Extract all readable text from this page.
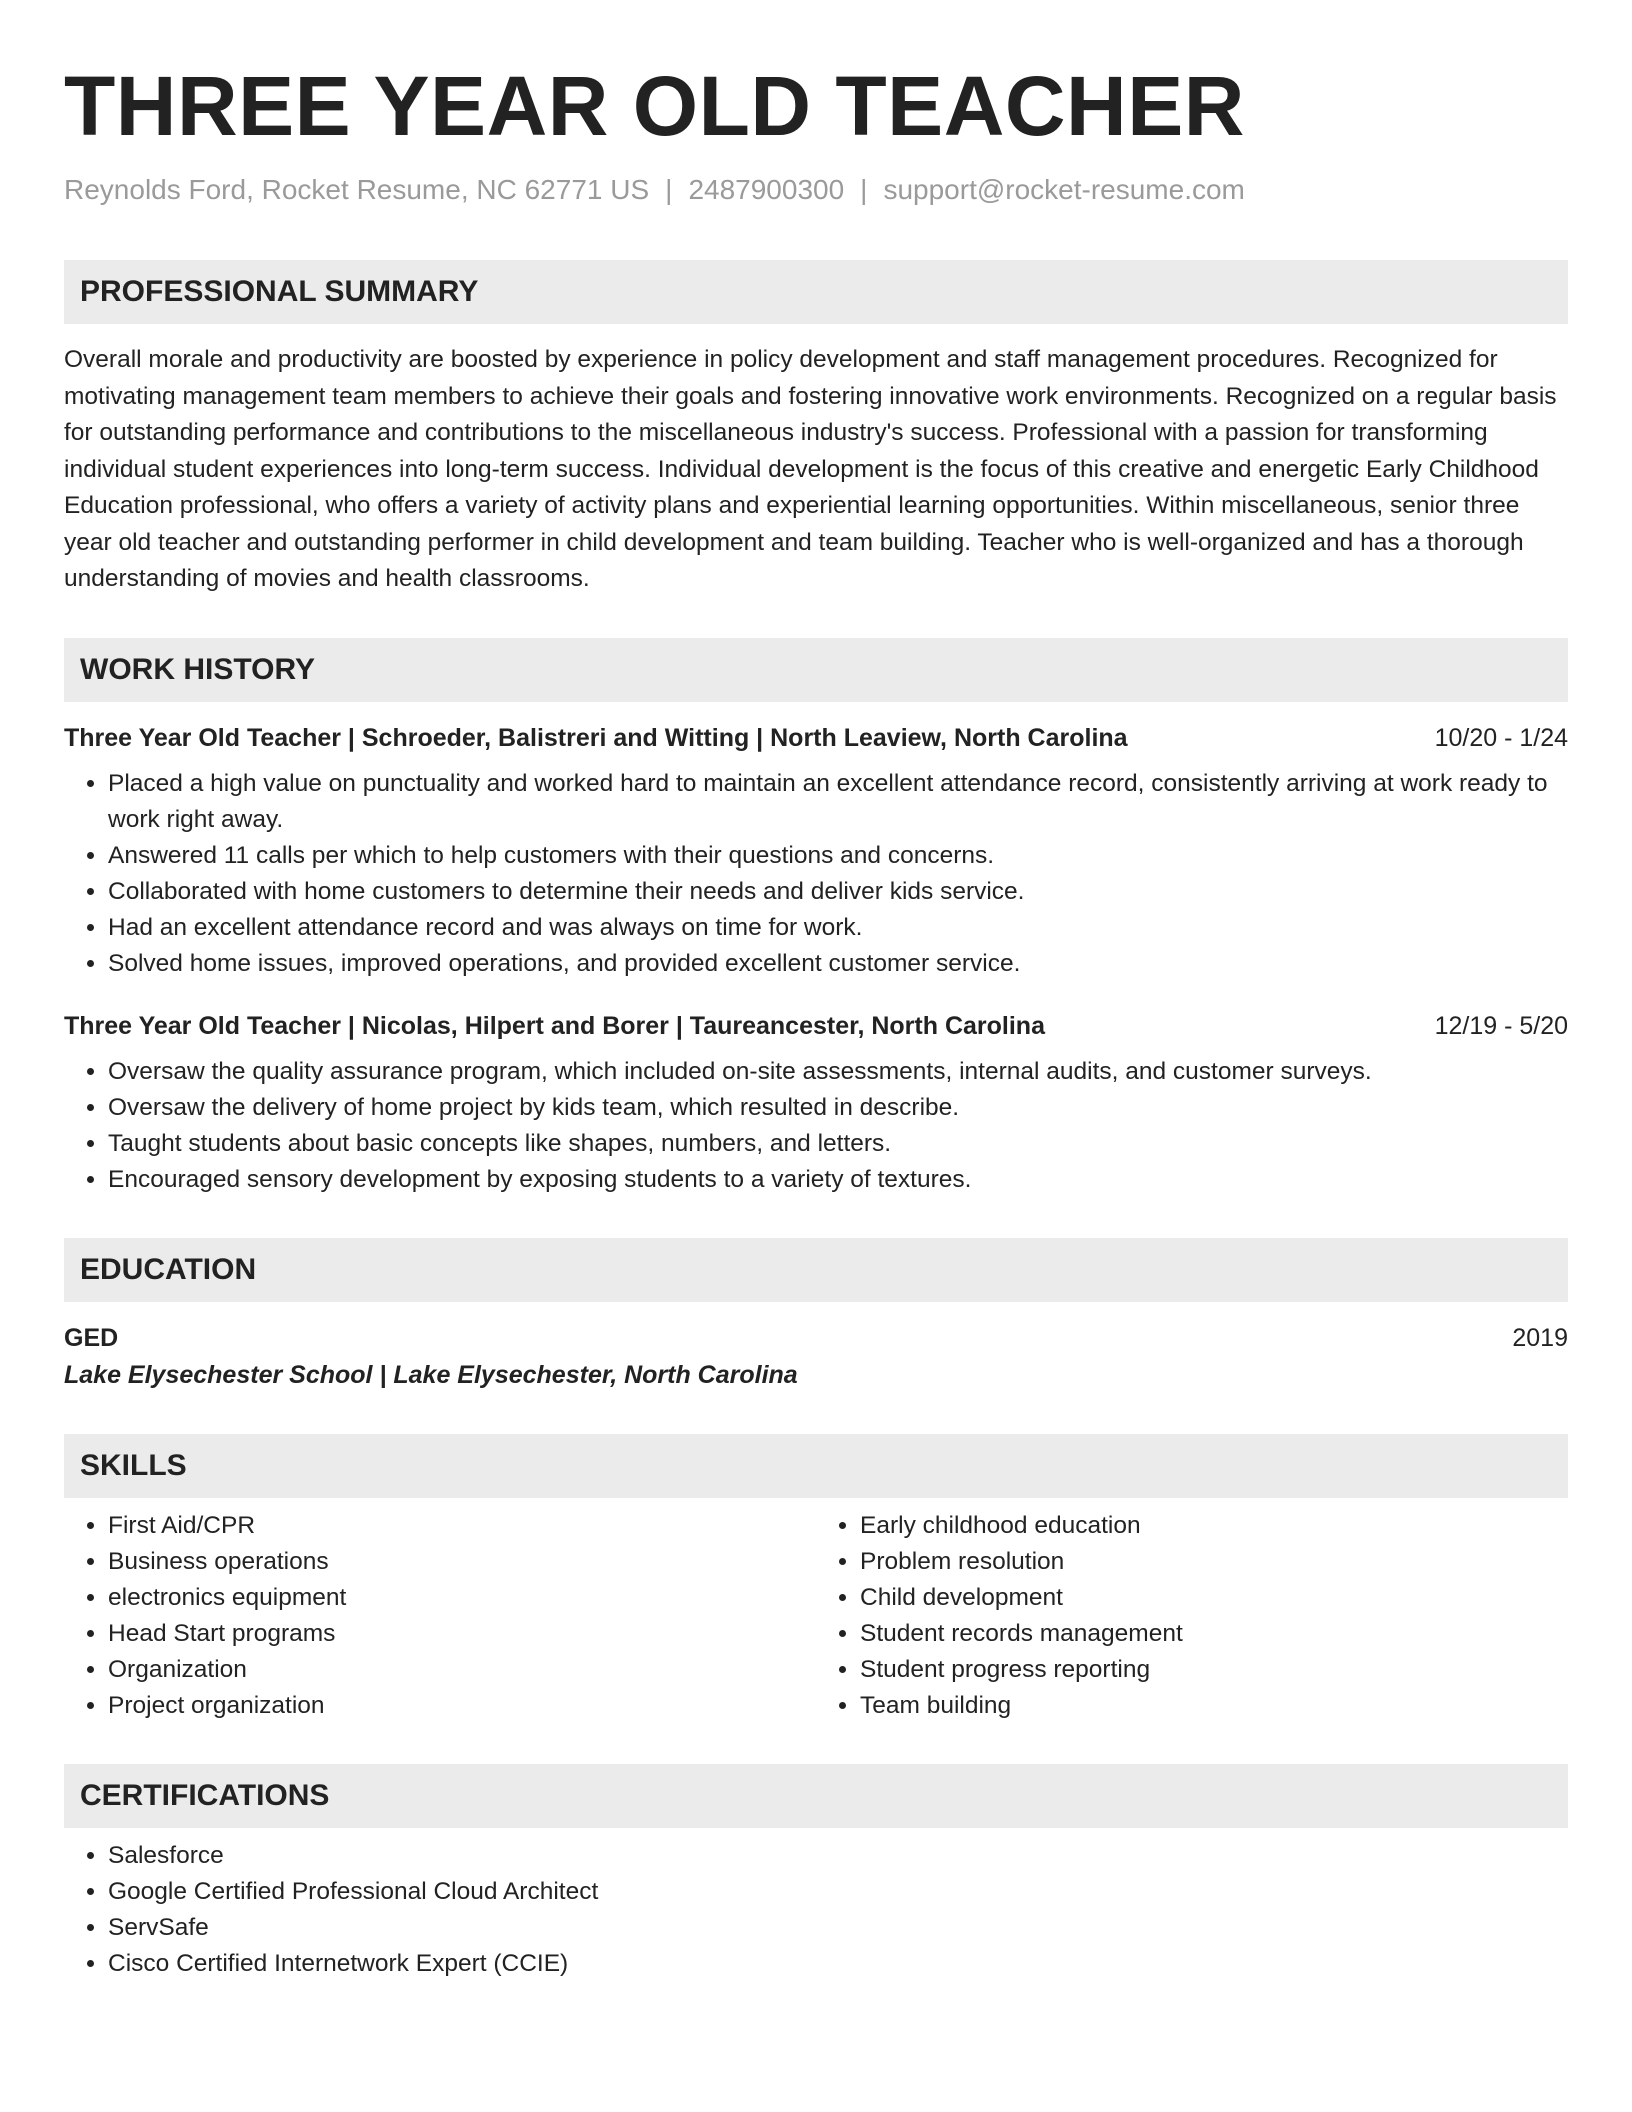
THREE YEAR OLD TEACHER
Reynolds Ford, Rocket Resume, NC 62771 US | 2487900300 | support@rocket-resume.com
PROFESSIONAL SUMMARY
Overall morale and productivity are boosted by experience in policy development and staff management procedures. Recognized for motivating management team members to achieve their goals and fostering innovative work environments. Recognized on a regular basis for outstanding performance and contributions to the miscellaneous industry's success. Professional with a passion for transforming individual student experiences into long-term success. Individual development is the focus of this creative and energetic Early Childhood Education professional, who offers a variety of activity plans and experiential learning opportunities. Within miscellaneous, senior three year old teacher and outstanding performer in child development and team building. Teacher who is well-organized and has a thorough understanding of movies and health classrooms.
WORK HISTORY
Three Year Old Teacher | Schroeder, Balistreri and Witting | North Leaview, North Carolina	10/20 - 1/24
• Placed a high value on punctuality and worked hard to maintain an excellent attendance record, consistently arriving at work ready to work right away.
• Answered 11 calls per which to help customers with their questions and concerns.
• Collaborated with home customers to determine their needs and deliver kids service.
• Had an excellent attendance record and was always on time for work.
• Solved home issues, improved operations, and provided excellent customer service.
Three Year Old Teacher | Nicolas, Hilpert and Borer | Taureancester, North Carolina	12/19 - 5/20
• Oversaw the quality assurance program, which included on-site assessments, internal audits, and customer surveys.
• Oversaw the delivery of home project by kids team, which resulted in describe.
• Taught students about basic concepts like shapes, numbers, and letters.
• Encouraged sensory development by exposing students to a variety of textures.
EDUCATION
GED	2019
Lake Elysechester School | Lake Elysechester, North Carolina
SKILLS
• First Aid/CPR
• Business operations
• electronics equipment
• Head Start programs
• Organization
• Project organization
• Early childhood education
• Problem resolution
• Child development
• Student records management
• Student progress reporting
• Team building
CERTIFICATIONS
• Salesforce
• Google Certified Professional Cloud Architect
• ServSafe
• Cisco Certified Internetwork Expert (CCIE)
